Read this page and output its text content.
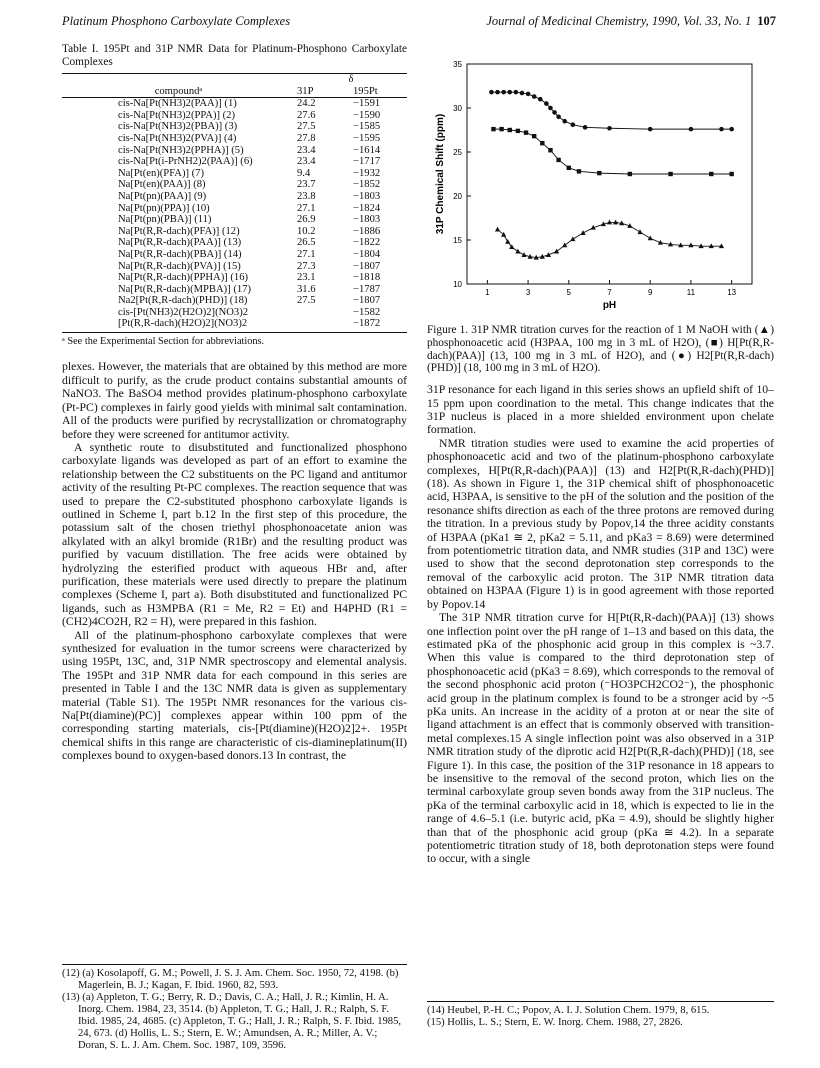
Platinum Phosphono Carboxylate Complexes	Journal of Medicinal Chemistry, 1990, Vol. 33, No. 1 107
Table I. 195Pt and 31P NMR Data for Platinum-Phosphono Carboxylate Complexes
	δ	
compoundᵃ	31P	195Pt
cis-Na[Pt(NH3)2(PAA)] (1)	24.2	−1591
cis-Na[Pt(NH3)2(PPA)] (2)	27.6	−1590
cis-Na[Pt(NH3)2(PBA)] (3)	27.5	−1585
cis-Na[Pt(NH3)2(PVA)] (4)	27.8	−1595
cis-Na[Pt(NH3)2(PPHA)] (5)	23.4	−1614
cis-Na[Pt(i-PrNH2)2(PAA)] (6)	23.4	−1717
Na[Pt(en)(PFA)] (7)	9.4	−1932
Na[Pt(en)(PAA)] (8)	23.7	−1852
Na[Pt(pn)(PAA)] (9)	23.8	−1803
Na[Pt(pn)(PPA)] (10)	27.1	−1824
Na[Pt(pn)(PBA)] (11)	26.9	−1803
Na[Pt(R,R-dach)(PFA)] (12)	10.2	−1886
Na[Pt(R,R-dach)(PAA)] (13)	26.5	−1822
Na[Pt(R,R-dach)(PBA)] (14)	27.1	−1804
Na[Pt(R,R-dach)(PVA)] (15)	27.3	−1807
Na[Pt(R,R-dach)(PPHA)] (16)	23.1	−1818
Na[Pt(R,R-dach)(MPBA)] (17)	31.6	−1787
Na2[Pt(R,R-dach)(PHD)] (18)	27.5	−1807
cis-[Pt(NH3)2(H2O)2](NO3)2		−1582
[Pt(R,R-dach)(H2O)2](NO3)2		−1872
ᵃ See the Experimental Section for abbreviations.

plexes. However, the materials that are obtained by this method are more difficult to purify, as the crude product contains substantial amounts of NaNO3. The BaSO4 method provides platinum-phosphono carboxylate (Pt-PC) complexes in fairly good yields with minimal salt contamination. All of the products were purified by recrystallization or chromatography before they were screened for antitumor activity.

A synthetic route to disubstituted and functionalized phosphono carboxylate ligands was developed as part of an effort to examine the relationship between the C2 substituents on the PC ligand and antitumor activity of the resulting Pt-PC complexes. The reaction sequence that was used to prepare the C2-substituted phosphono carboxylate ligands is outlined in Scheme I, part b.12 In the first step of this procedure, the potassium salt of the chosen triethyl phosphonoacetate anion was alkylated with an alkyl bromide (R1Br) and the resulting product was purified by vacuum distillation. The free acids were obtained by hydrolyzing the esterified product with aqueous HBr and, after purification, these materials were used directly to prepare the platinum complexes (Scheme I, part a). Both disubstituted and functionalized PC ligands, such as H3MPBA (R1 = Me, R2 = Et) and H4PHD (R1 = (CH2)4CO2H, R2 = H), were prepared in this fashion.

All of the platinum-phosphono carboxylate complexes that were synthesized for evaluation in the tumor screens were characterized by using 195Pt, 13C, and, 31P NMR spectroscopy and elemental analysis. The 195Pt and 31P NMR data for each compound in this series are presented in Table I and the 13C NMR data is given as supplementary material (Table S1). The 195Pt NMR resonances for the various cis-Na[Pt(diamine)(PC)] complexes appear within 100 ppm of the corresponding starting materials, cis-[Pt(diamine)(H2O)2]2+. 195Pt chemical shifts in this range are characteristic of cis-diamineplatinum(II) complexes bound to oxygen-based donors.13 In contrast, the

(12) (a) Kosolapoff, G. M.; Powell, J. S. J. Am. Chem. Soc. 1950, 72, 4198. (b) Magerlein, B. J.; Kagan, F. Ibid. 1960, 82, 593.
(13) (a) Appleton, T. G.; Berry, R. D.; Davis, C. A.; Hall, J. R.; Kimlin, H. A. Inorg. Chem. 1984, 23, 3514. (b) Appleton, T. G.; Hall, J. R.; Ralph, S. F. Ibid. 1985, 24, 4685. (c) Appleton, T. G.; Hall, J. R.; Ralph, S. F. Ibid. 1985, 24, 673. (d) Hollis, L. S.; Stern, E. W.; Amundsen, A. R.; Miller, A. V.; Doran, S. L. J. Am. Chem. Soc. 1987, 109, 3596.
1	3	5	7	9	11	13
10
15
20
25
30
35
pH
31P Chemical Shift (ppm)
Figure 1. 31P NMR titration curves for the reaction of 1 M NaOH with (▲) phosphonoacetic acid (H3PAA, 100 mg in 3 mL of H2O), (■) H[Pt(R,R-dach)(PAA)] (13, 100 mg in 3 mL of H2O), and (●) H2[Pt(R,R-dach)(PHD)] (18, 100 mg in 3 mL of H2O).

31P resonance for each ligand in this series shows an upfield shift of 10–15 ppm upon coordination to the metal. This change indicates that the 31P nucleus is placed in a more shielded environment upon chelate formation.

NMR titration studies were used to examine the acid properties of phosphonoacetic acid and two of the platinum-phosphono carboxylate complexes, H[Pt(R,R-dach)(PAA)] (13) and H2[Pt(R,R-dach)(PHD)] (18). As shown in Figure 1, the 31P chemical shift of phosphonoacetic acid, H3PAA, is sensitive to the pH of the solution and the position of the resonance shifts direction as each of the three protons are removed during the titration. In a previous study by Popov,14 the three acidity constants of H3PAA (pKa1 ≅ 2, pKa2 = 5.11, and pKa3 = 8.69) were determined from potentiometric titration data, and NMR studies (31P and 13C) were used to show that the second deprotonation step corresponds to the removal of the carboxylic acid proton. The 31P NMR titration data obtained on H3PAA (Figure 1) is in good agreement with those reported by Popov.14

The 31P NMR titration curve for H[Pt(R,R-dach)(PAA)] (13) shows one inflection point over the pH range of 1–13 and based on this data, the estimated pKa of the phosphonic acid group in this complex is ~3.7. When this value is compared to the third deprotonation step of phosphonoacetic acid (pKa3 = 8.69), which corresponds to the removal of the second phosphonic acid proton (⁻HO3PCH2CO2⁻), the phosphonic acid group in the platinum complex is found to be a stronger acid by ~5 pKa units. An increase in the acidity of a proton at or near the site of ligand attachment is an effect that is commonly observed with transition-metal complexes.15 A single inflection point was also observed in a 31P NMR titration study of the diprotic acid H2[Pt(R,R-dach)(PHD)] (18, see Figure 1). In this case, the position of the 31P resonance in 18 appears to be insensitive to the removal of the second proton, which lies on the terminal carboxylate group seven bonds away from the 31P nucleus. The pKa of the terminal carboxylic acid in 18, which is expected to lie in the range of 4.6–5.1 (i.e. butyric acid, pKa = 4.9), should be slightly higher than that of the phosphonic acid group (pKa ≅ 4.2). In a separate potentiometric titration study of 18, both deprotonation steps were found to occur, with a single

(14) Heubel, P.-H. C.; Popov, A. I. J. Solution Chem. 1979, 8, 615.
(15) Hollis, L. S.; Stern, E. W. Inorg. Chem. 1988, 27, 2826.
